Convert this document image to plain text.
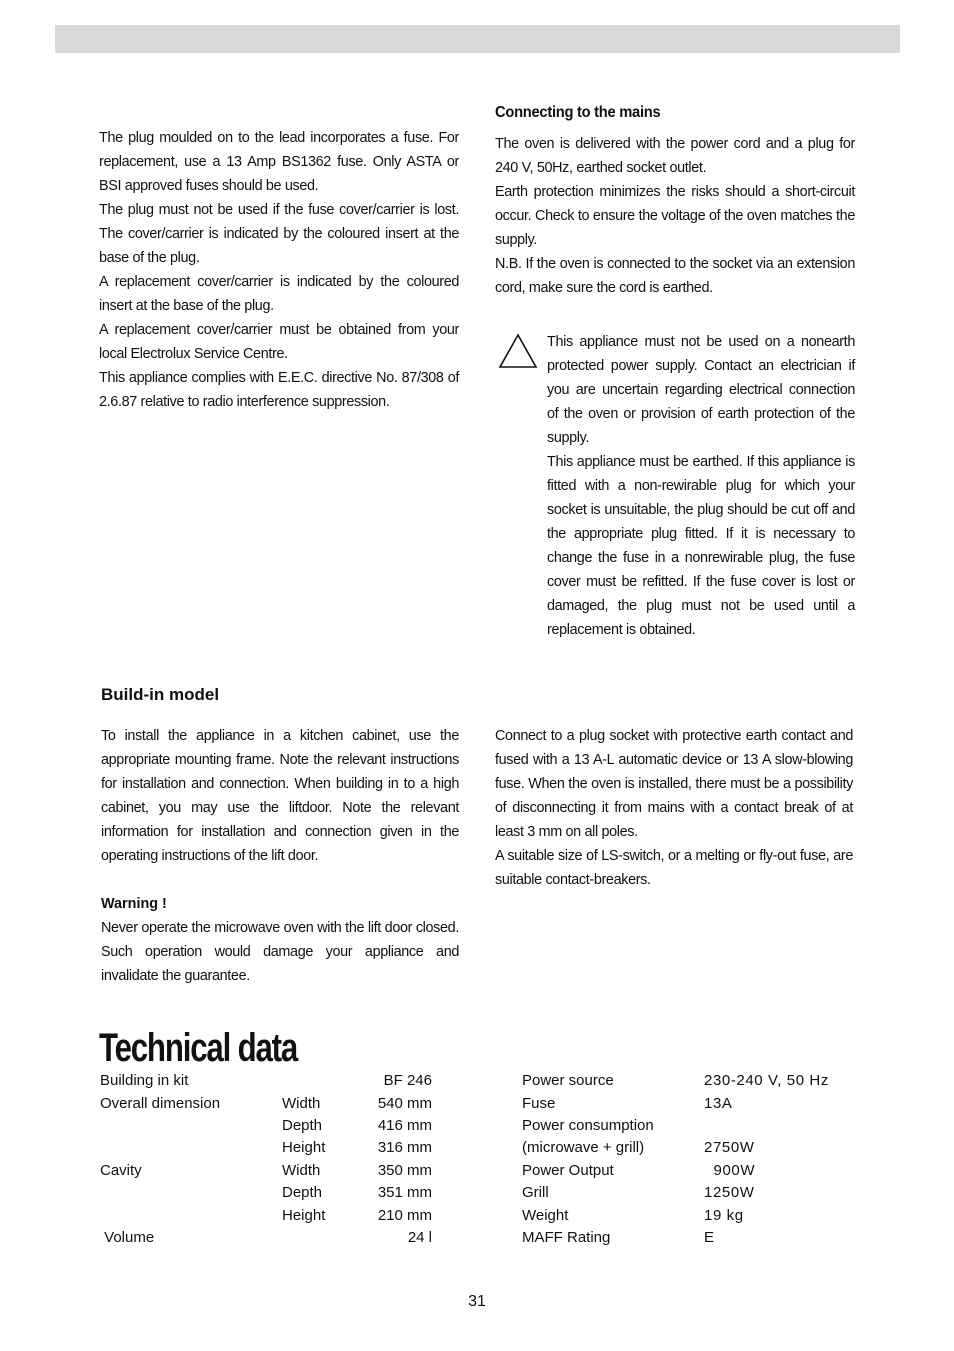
The plug moulded on to the lead incorporates a fuse. For replacement, use a 13 Amp BS1362 fuse. Only ASTA or BSI approved fuses should be used.

The plug must not be used if the fuse cover/carrier is lost. The cover/carrier is indicated by the coloured insert at the base of the plug.

A replacement cover/carrier is indicated by the coloured insert at the base of the plug.

A replacement cover/carrier must be obtained from your local Electrolux Service Centre.

This appliance complies with E.E.C. directive No. 87/308 of 2.6.87 relative to radio interference suppression.

Connecting to the mains

The oven is delivered with the power cord and a plug for 240 V, 50Hz, earthed socket outlet.

Earth protection minimizes the risks should a short-circuit occur. Check to ensure the voltage of the oven matches the supply.

N.B. If the oven is connected to the socket via an extension cord, make sure the cord is earthed.

This appliance must not be used on a nonearth protected power supply. Contact an electrician if you are uncertain regarding electrical connection of the oven or provision of earth protection of the supply.

This appliance must be earthed. If this appliance is fitted with a non-rewirable plug for which your socket is unsuitable, the plug should be cut off and the appropriate plug fitted. If it is necessary to change the fuse in a nonrewirable plug, the fuse cover must be refitted. If the fuse cover is lost or damaged, the plug must not be used until a replacement is obtained.

Build-in model

To install the appliance in a kitchen cabinet, use the appropriate mounting frame. Note the relevant instructions for installation and connection. When building in to a high cabinet, you may use the liftdoor. Note the relevant information for installation and connection given in the operating instructions of the lift door.

Warning !

Never operate the microwave oven with the lift door closed. Such operation would damage your appliance and invalidate the guarantee.

Connect to a plug socket with protective earth contact and fused with a 13 A-L automatic device or 13 A slow-blowing fuse. When the oven is installed, there must be a possibility of disconnecting it from mains with a contact break of at least 3 mm on all poles.

A suitable size of LS-switch, or a melting or fly-out fuse, are suitable contact-breakers.

Technical data
Building in kit	BF 246
Overall dimension	Width	540 mm
Depth	416 mm
Height	316 mm
Cavity	Width	350 mm
Depth	351 mm
Height	210 mm
Volume	24 l
Power source	230-240 V, 50 Hz
Fuse	13A
Power consumption
(microwave + grill)	2750W
Power Output	900W
Grill	1250W
Weight	19 kg
MAFF Rating	E
31
